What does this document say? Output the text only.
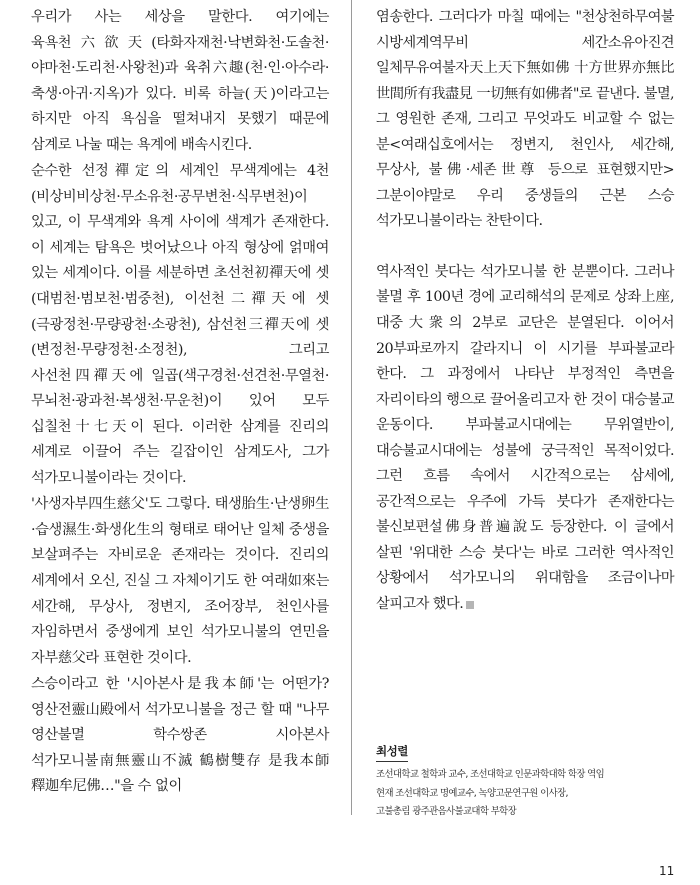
우리가 사는 세상을 말한다. 여기에는 육욕천六欲天(타화자재천·낙변화천·도솔천·야마천·도리천·사왕천)과 육취六趣(천·인·아수라·축생·아귀·지옥)가 있다. 비록 하늘(天)이라고는 하지만 아직 욕심을 떨쳐내지 못했기 때문에 삼계로 나눌 때는 욕계에 배속시킨다.

순수한 선정禪定의 세계인 무색계에는 4천(비상비비상천·무소유천·공무변천·식무변천)이 있고, 이 무색계와 욕계 사이에 색계가 존재한다. 이 세계는 탐욕은 벗어났으나 아직 형상에 얽매여 있는 세계이다. 이를 세분하면 초선천初禪天에 셋(대범천·범보천·범중천), 이선천二禪天에 셋(극광정천·무량광천·소광천), 삼선천三禪天에 셋(변정천·무량정천·소정천), 그리고 사선천四禪天에 일곱(색구경천·선견천·무열천·무뇌천·광과천·복생천·무운천)이 있어 모두 십칠천十七天이 된다. 이러한 삼계를 진리의 세계로 이끌어 주는 길잡이인 삼계도사, 그가 석가모니불이라는 것이다.

'사생자부四生慈父'도 그렇다. 태생胎生·난생卵生·습생濕生·화생化生의 형태로 태어난 일체 중생을 보살펴주는 자비로운 존재라는 것이다. 진리의 세계에서 오신, 진실 그 자체이기도 한 여래如來는 세간해, 무상사, 정변지, 조어장부, 천인사를 자임하면서 중생에게 보인 석가모니불의 연민을 자부慈父라 표현한 것이다.

스승이라고 한 '시아본사是我本師'는 어떤가? 영산전靈山殿에서 석가모니불을 정근 할 때 "나무 영산불멸 학수쌍존 시아본사 석가모니불南無靈山不滅 鶴樹雙存 是我本師 釋迦牟尼佛…"을 수 없이

염송한다. 그러다가 마칠 때에는 "천상천하무여불 시방세계역무비 세간소유아진견 일체무유여불자天上天下無如佛 十方世界亦無比 世間所有我盡見 一切無有如佛者"로 끝낸다. 불멸, 그 영원한 존재, 그리고 무엇과도 비교할 수 없는 분<여래십호에서는 정변지, 천인사, 세간해, 무상사, 불佛·세존世尊 등으로 표현했지만> 그분이야말로 우리 중생들의 근본 스승 석가모니불이라는 찬탄이다.

역사적인 붓다는 석가모니불 한 분뿐이다. 그러나 불멸 후 100년 경에 교리해석의 문제로 상좌上座, 대중大衆의 2부로 교단은 분열된다. 이어서 20부파로까지 갈라지니 이 시기를 부파불교라 한다. 그 과정에서 나타난 부정적인 측면을 자리이타의 행으로 끌어올리고자 한 것이 대승불교 운동이다. 부파불교시대에는 무위열반이, 대승불교시대에는 성불에 궁극적인 목적이었다. 그런 흐름 속에서 시간적으로는 삼세에, 공간적으로는 우주에 가득 붓다가 존재한다는 불신보편설佛身普遍說도 등장한다. 이 글에서 살핀 '위대한 스승 붓다'는 바로 그러한 역사적인 상황에서 석가모니의 위대함을 조금이나마 살피고자 했다.

최성렬
조선대학교 철학과 교수, 조선대학교 인문과학대학 학장 역임
현재 조선대학교 명예교수, 녹양고문연구원 이사장,
고불총림 광주관음사불교대학 부학장
11
